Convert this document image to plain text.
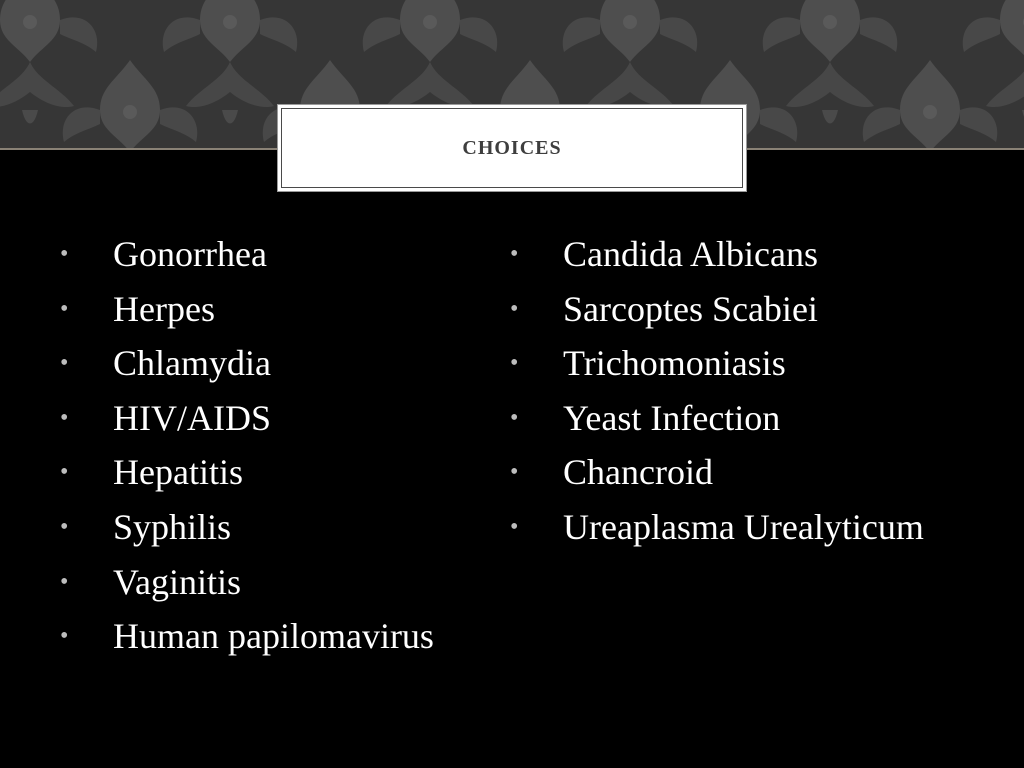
CHOICES
•	Gonorrhea
•	Herpes
•	Chlamydia
•	HIV/AIDS
•	Hepatitis
•	Syphilis
•	Vaginitis
•	Human papilomavirus
•	Candida Albicans
•	Sarcoptes Scabiei
•	Trichomoniasis
•	Yeast Infection
•	Chancroid
•	Ureaplasma Urealyticum
